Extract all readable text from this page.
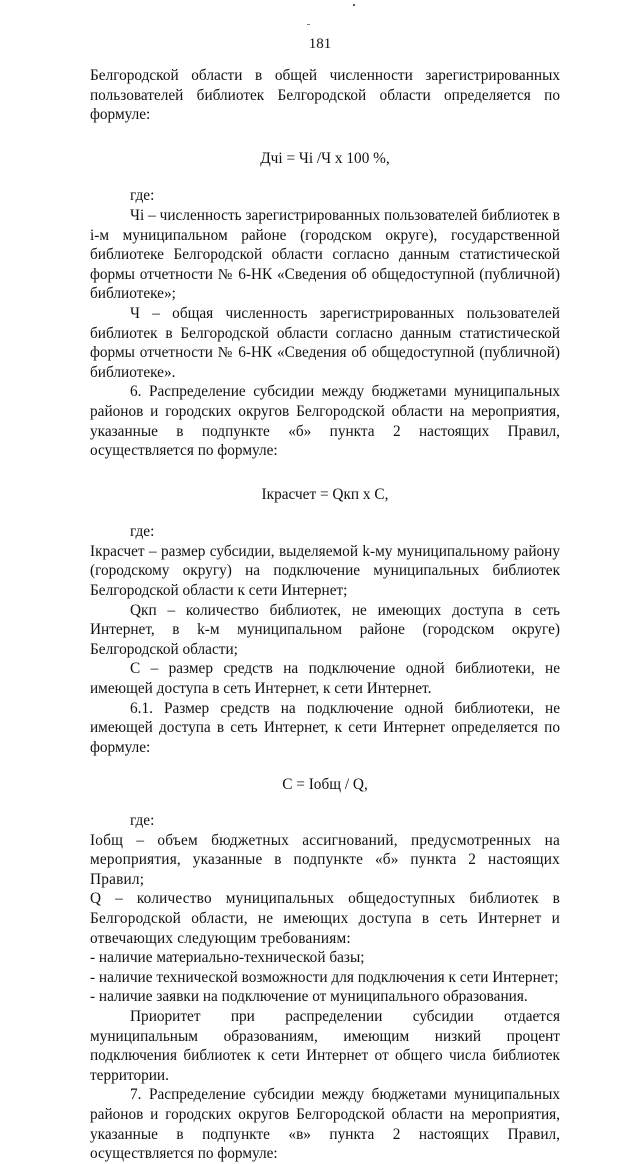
181

Белгородской области в общей численности зарегистрированных пользователей библиотек Белгородской области определяется по формуле:

Дчi = Чi /Ч х 100 %,

где:

Чi – численность зарегистрированных пользователей библиотек в i-м муниципальном районе (городском округе), государственной библиотеке Белгородской области согласно данным статистической формы отчетности № 6-НК «Сведения об общедоступной (публичной) библиотеке»;

Ч – общая численность зарегистрированных пользователей библиотек в Белгородской области согласно данным статистической формы отчетности № 6-НК «Сведения об общедоступной (публичной) библиотеке».

6. Распределение субсидии между бюджетами муниципальных районов и городских округов Белгородской области на мероприятия, указанные в подпункте «б» пункта 2 настоящих Правил, осуществляется по формуле:

Iкрасчет = Qкп х С,

где:

Iкрасчет – размер субсидии, выделяемой k-му муниципальному району (городскому округу) на подключение муниципальных библиотек Белгородской области к сети Интернет;

Qкп – количество библиотек, не имеющих доступа в сеть Интернет, в k-м муниципальном районе (городском округе) Белгородской области;

С – размер средств на подключение одной библиотеки, не имеющей доступа в сеть Интернет, к сети Интернет.

6.1. Размер средств на подключение одной библиотеки, не имеющей доступа в сеть Интернет, к сети Интернет определяется по формуле:

С = Iобщ / Q,

где:

Iобщ – объем бюджетных ассигнований, предусмотренных на мероприятия, указанные в подпункте «б» пункта 2 настоящих Правил;

Q – количество муниципальных общедоступных библиотек в Белгородской области, не имеющих доступа в сеть Интернет и отвечающих следующим требованиям:

- наличие материально-технической базы;

- наличие технической возможности для подключения к сети Интернет;

- наличие заявки на подключение от муниципального образования.

Приоритет при распределении субсидии отдается муниципальным образованиям, имеющим низкий процент подключения библиотек к сети Интернет от общего числа библиотек территории.

7. Распределение субсидии между бюджетами муниципальных районов и городских округов Белгородской области на мероприятия, указанные в подпункте «в» пункта 2 настоящих Правил, осуществляется по формуле:
